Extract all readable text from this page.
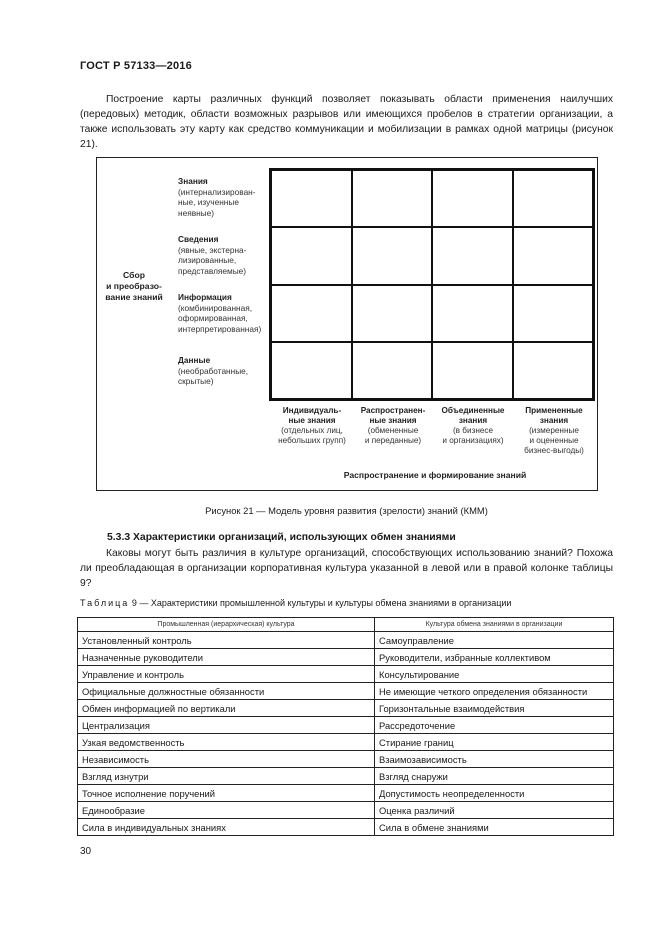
ГОСТ Р 57133—2016

Построение карты различных функций позволяет показывать области применения наилучших (передовых) методик, области возможных разрывов или имеющихся пробелов в стратегии организации, а также использовать эту карту как средство коммуникации и мобилизации в рамках одной матрицы (рисунок 21).

Сбор
и преобразо-
вание знаний
Знания
(интернализирован-
ные, изученные
неявные)
Сведения
(явные, экстерна-
лизированные,
представляемые)
Информация
(комбинированная,
оформированная,
интерпретированная)
Данные
(необработанные,
скрытые)
Индивидуаль-
ные знания
(отдельных лиц,
небольших групп)
Распространен-
ные знания
(обмененные
и переданные)
Объединенные
знания
(в бизнесе
и организациях)
Примененные
знания
(измеренные
и оцененные
бизнес-выгоды)
Распространение и формирование знаний
Рисунок 21 — Модель уровня развития (зрелости) знаний (КММ)
5.3.3 Характеристики организаций, использующих обмен знаниями

Каковы могут быть различия в культуре организаций, способствующих использованию знаний? Похожа ли преобладающая в организации корпоративная культура указанной в левой или в правой колонке таблицы 9?

Таблица 9 — Характеристики промышленной культуры и культуры обмена знаниями в организации
Промышленная (иерархическая) культура	Культура обмена знаниями в организации
Установленный контроль	Самоуправление
Назначенные руководители	Руководители, избранные коллективом
Управление и контроль	Консультирование
Официальные должностные обязанности	Не имеющие четкого определения обязанности
Обмен информацией по вертикали	Горизонтальные взаимодействия
Централизация	Рассредоточение
Узкая ведомственность	Стирание границ
Независимость	Взаимозависимость
Взгляд изнутри	Взгляд снаружи
Точное исполнение поручений	Допустимость неопределенности
Единообразие	Оценка различий
Сила в индивидуальных знаниях	Сила в обмене знаниями
30
